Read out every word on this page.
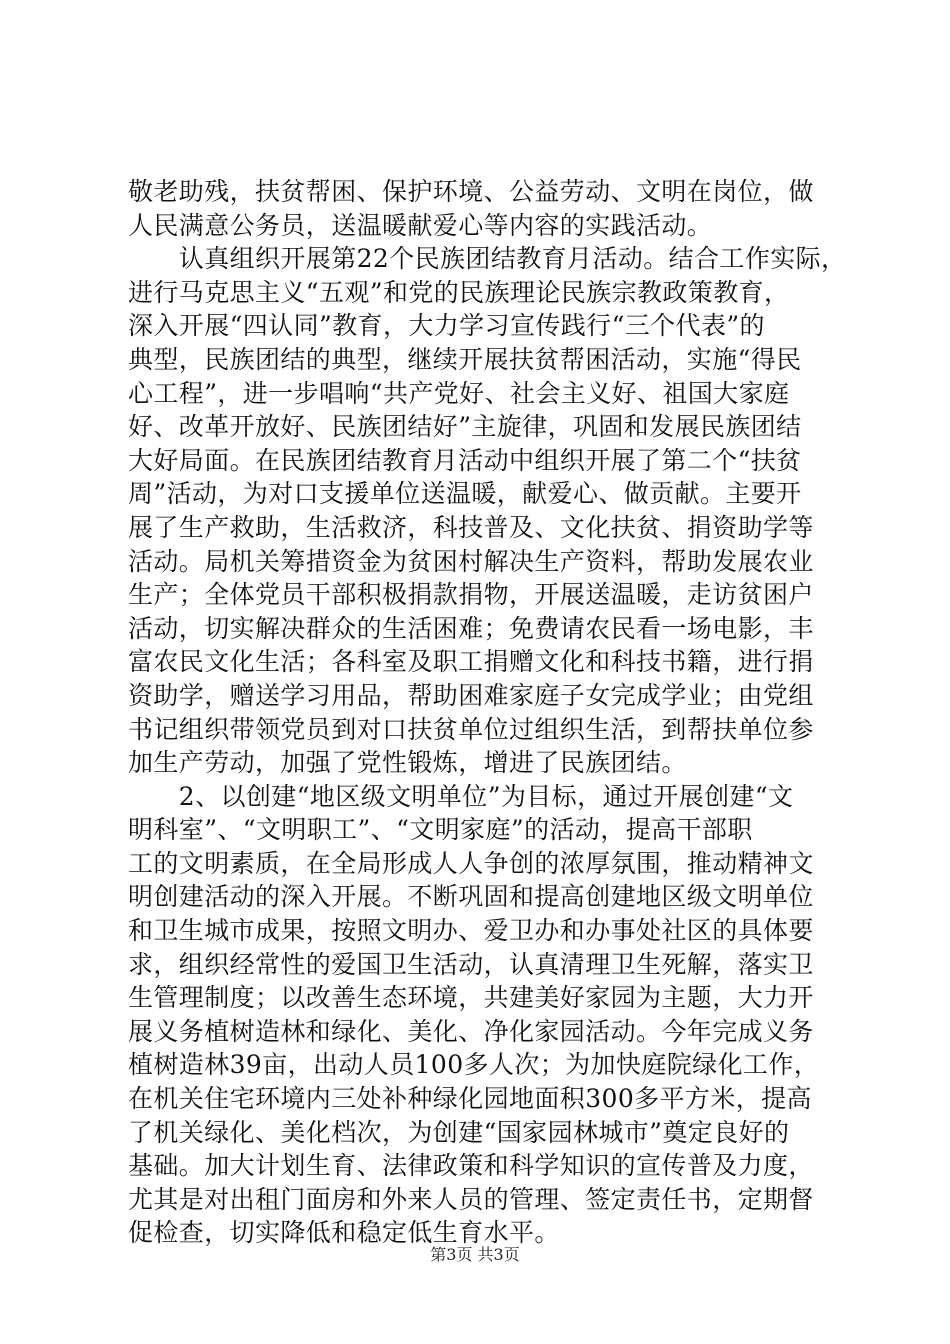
敬老助残，扶贫帮困、保护环境、公益劳动、文明在岗位，做
人民满意公务员，送温暖献爱心等内容的实践活动。
　　认真组织开展第22个民族团结教育月活动。结合工作实际，
进行马克思主义“五观”和党的民族理论民族宗教政策教育，
深入开展“四认同”教育，大力学习宣传践行“三个代表”的
典型，民族团结的典型，继续开展扶贫帮困活动，实施“得民
心工程”，进一步唱响“共产党好、社会主义好、祖国大家庭
好、改革开放好、民族团结好”主旋律，巩固和发展民族团结
大好局面。在民族团结教育月活动中组织开展了第二个“扶贫
周”活动，为对口支援单位送温暖，献爱心、做贡献。主要开
展了生产救助，生活救济，科技普及、文化扶贫、捐资助学等
活动。局机关筹措资金为贫困村解决生产资料，帮助发展农业
生产；全体党员干部积极捐款捐物，开展送温暖，走访贫困户
活动，切实解决群众的生活困难；免费请农民看一场电影，丰
富农民文化生活；各科室及职工捐赠文化和科技书籍，进行捐
资助学，赠送学习用品，帮助困难家庭子女完成学业；由党组
书记组织带领党员到对口扶贫单位过组织生活，到帮扶单位参
加生产劳动，加强了党性锻炼，增进了民族团结。
　　2、以创建“地区级文明单位”为目标，通过开展创建“文
明科室”、“文明职工”、“文明家庭”的活动，提高干部职
工的文明素质，在全局形成人人争创的浓厚氛围，推动精神文
明创建活动的深入开展。不断巩固和提高创建地区级文明单位
和卫生城市成果，按照文明办、爱卫办和办事处社区的具体要
求，组织经常性的爱国卫生活动，认真清理卫生死解，落实卫
生管理制度；以改善生态环境，共建美好家园为主题，大力开
展义务植树造林和绿化、美化、净化家园活动。今年完成义务
植树造林39亩，出动人员100多人次；为加快庭院绿化工作，
在机关住宅环境内三处补种绿化园地面积300多平方米，提高
了机关绿化、美化档次，为创建“国家园林城市”奠定良好的
基础。加大计划生育、法律政策和科学知识的宣传普及力度，
尤其是对出租门面房和外来人员的管理、签定责任书，定期督
促检查，切实降低和稳定低生育水平。
第3页 共3页
